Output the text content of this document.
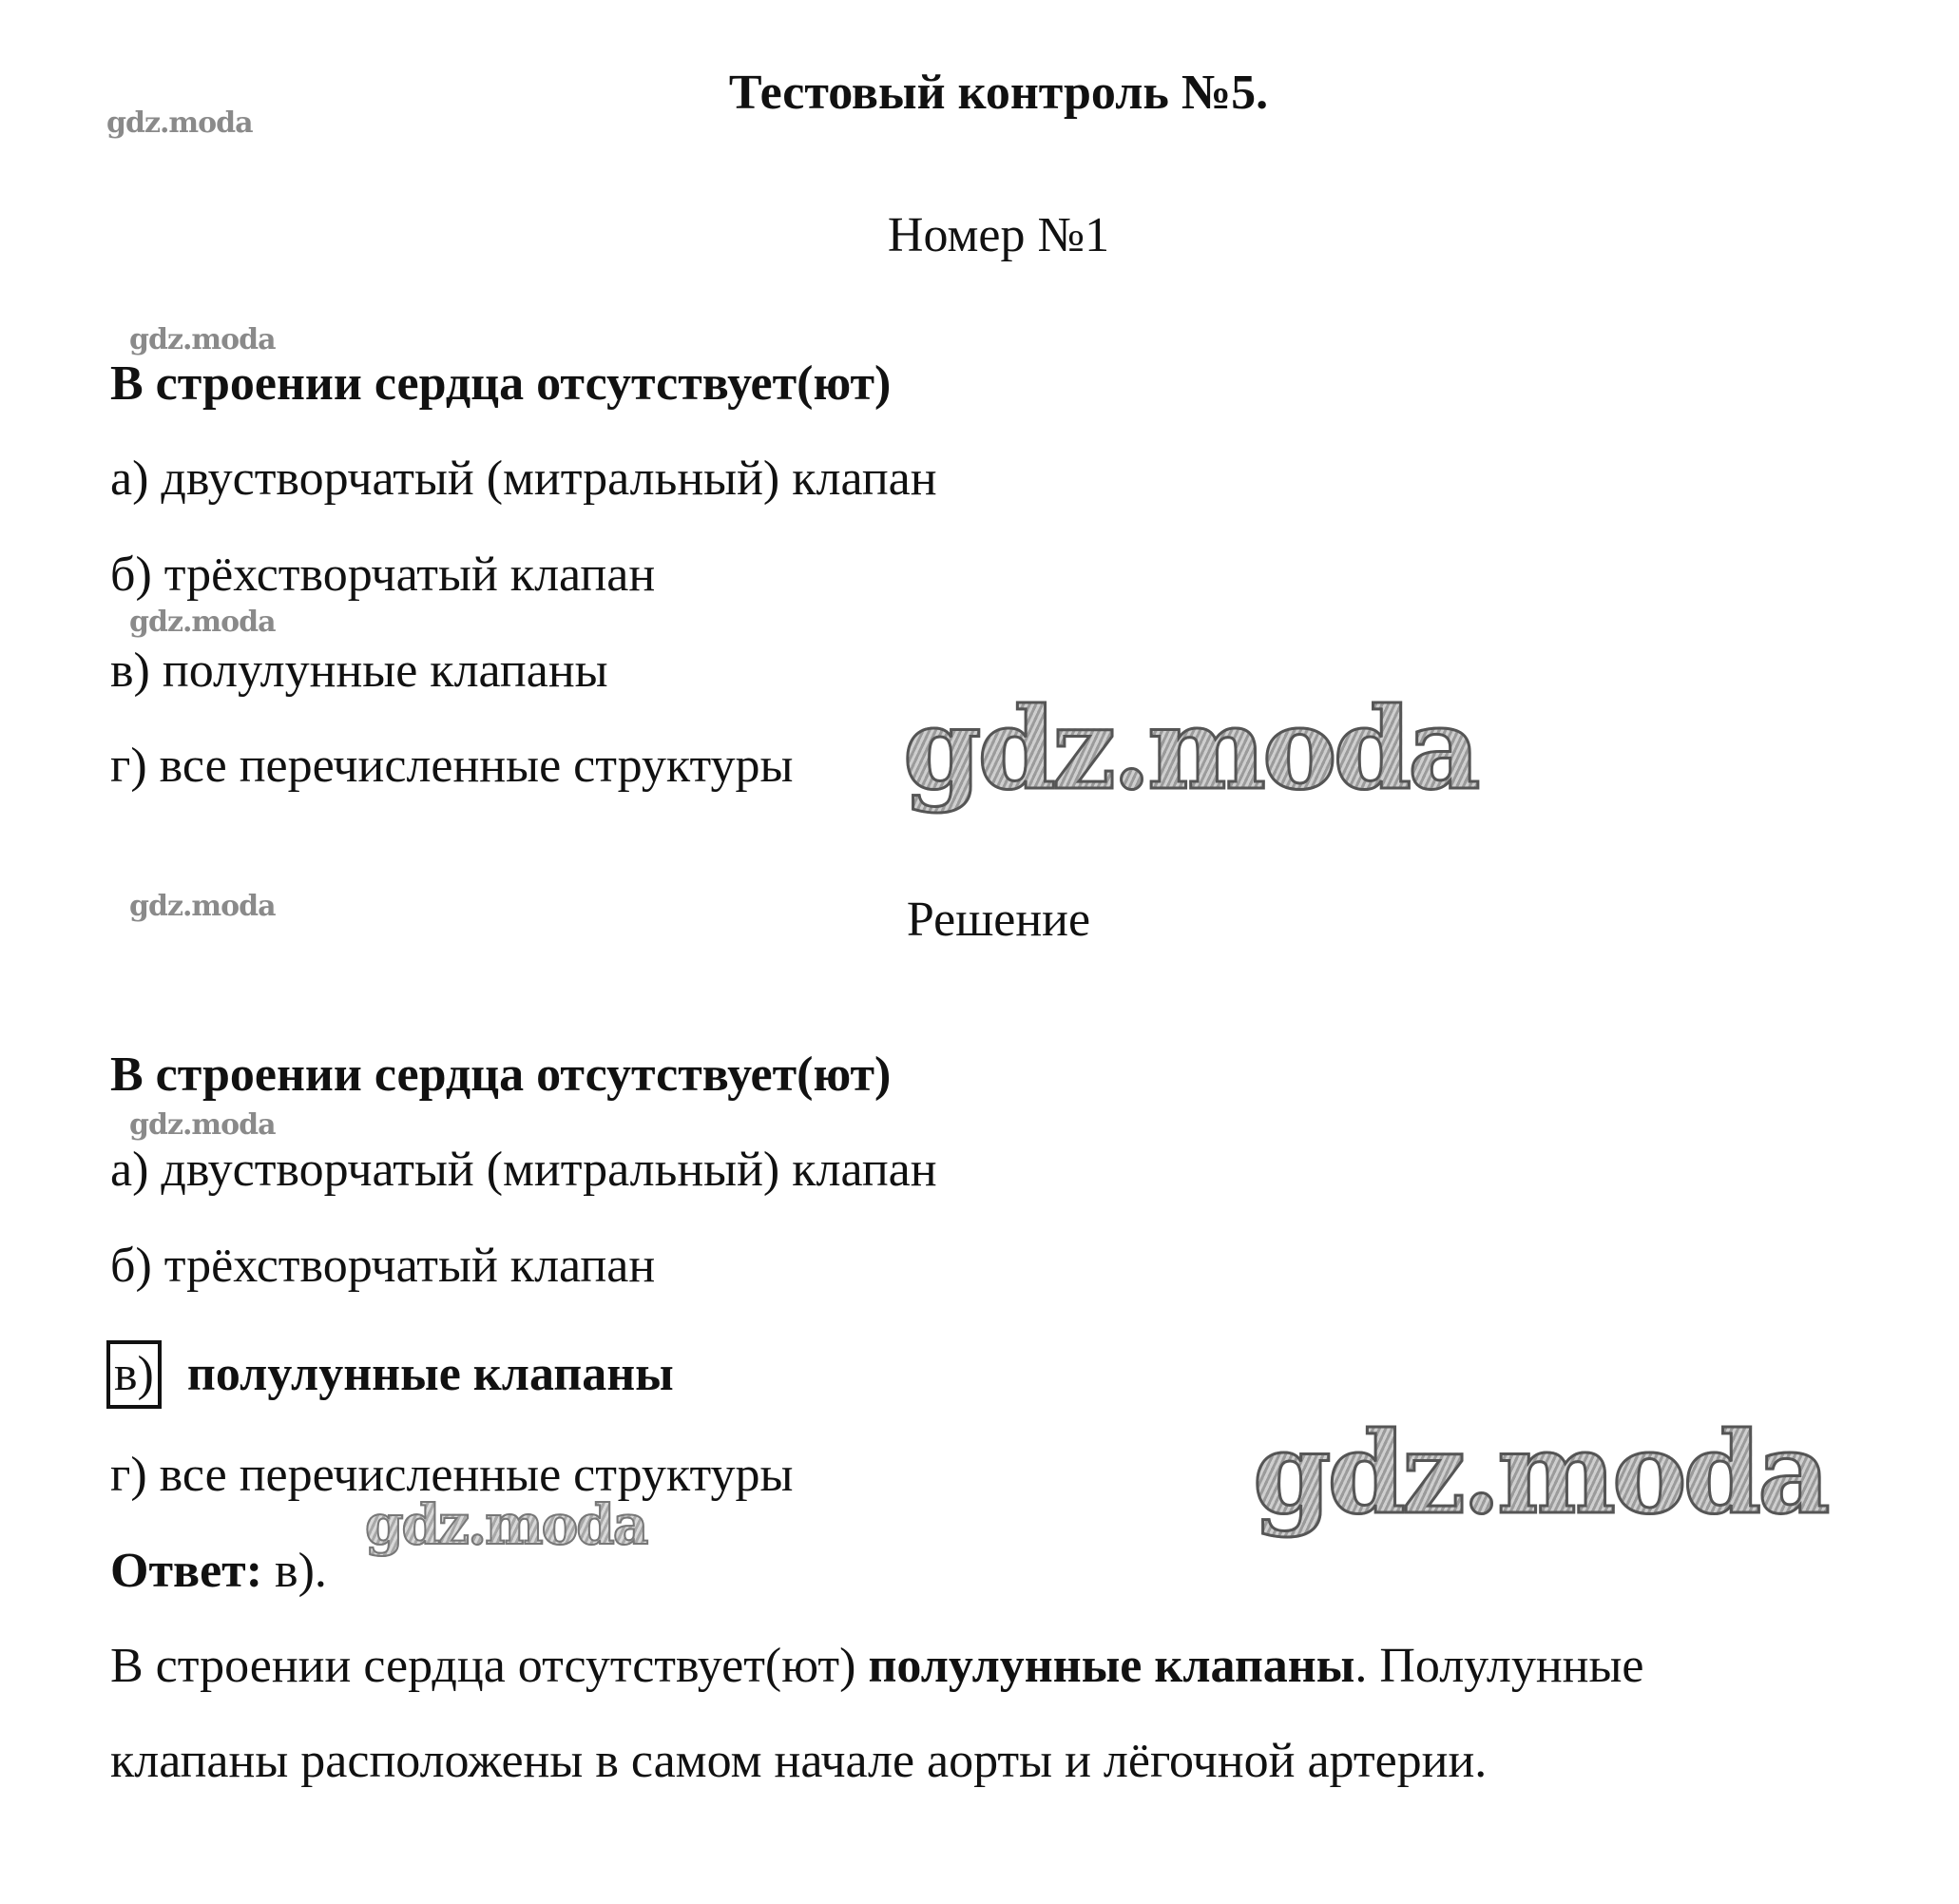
gdz.moda
gdz.moda
gdz.moda
gdz.moda
gdz.moda
gdz.moda
gdz.moda
gdz.moda
Тестовый контроль №5.
Номер №1
В строении сердца отсутствует(ют)
а) двустворчатый (митральный) клапан
б) трёхстворчатый клапан
в) полулунные клапаны
г) все перечисленные структуры
Решение
В строении сердца отсутствует(ют)
а) двустворчатый (митральный) клапан
б) трёхстворчатый клапан
в) полулунные клапаны
г) все перечисленные структуры
Ответ: в).
В строении сердца отсутствует(ют) полулунные клапаны. Полулунные
клапаны расположены в самом начале аорты и лёгочной артерии.
